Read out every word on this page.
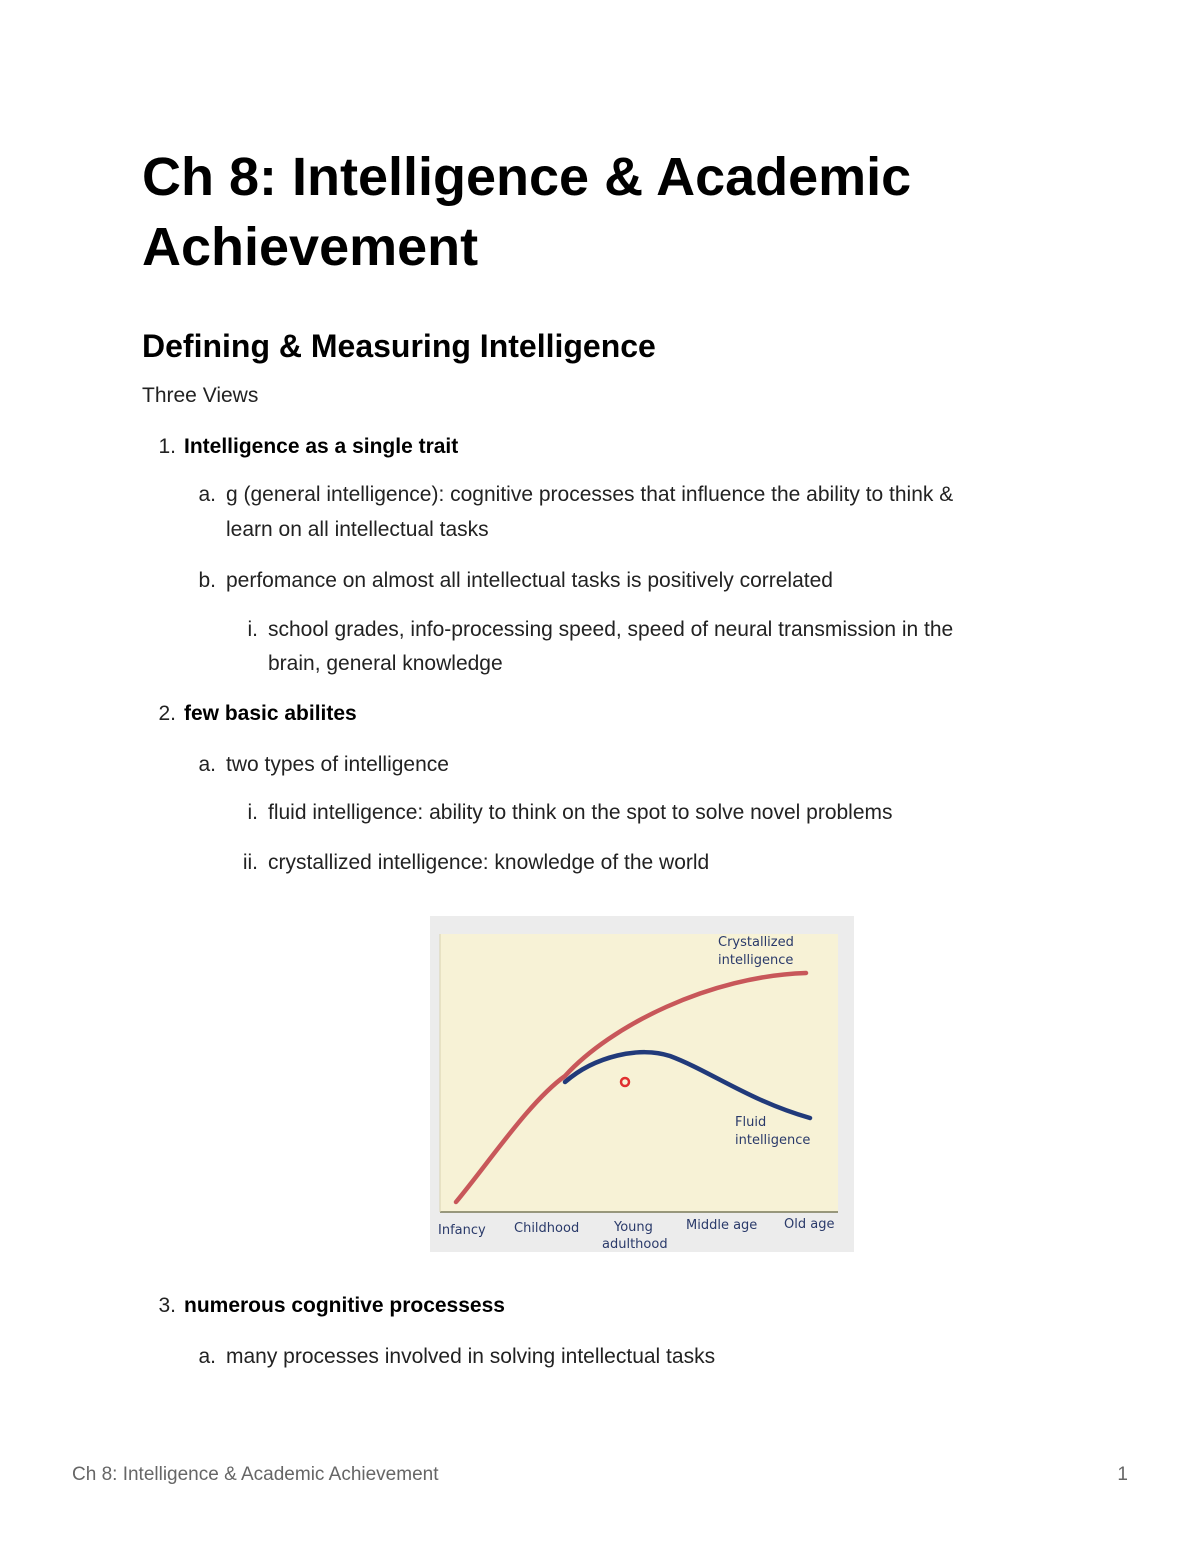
Ch 8: Intelligence & Academic Achievement
Defining & Measuring Intelligence
Three Views
1. Intelligence as a single trait
a. g (general intelligence): cognitive processes that influence the ability to think &
learn on all intellectual tasks
b. perfomance on almost all intellectual tasks is positively correlated
i. school grades, info-processing speed, speed of neural transmission in the
brain, general knowledge
2. few basic abilites
a. two types of intelligence
i. fluid intelligence: ability to think on the spot to solve novel problems
ii. crystallized intelligence: knowledge of the world
Crystallized
intelligence
Fluid
intelligence
Infancy Childhood	Young
adulthood
Middle age Old age
3. numerous cognitive processess
a. many processes involved in solving intellectual tasks
Ch 8: Intelligence & Academic Achievement	1
